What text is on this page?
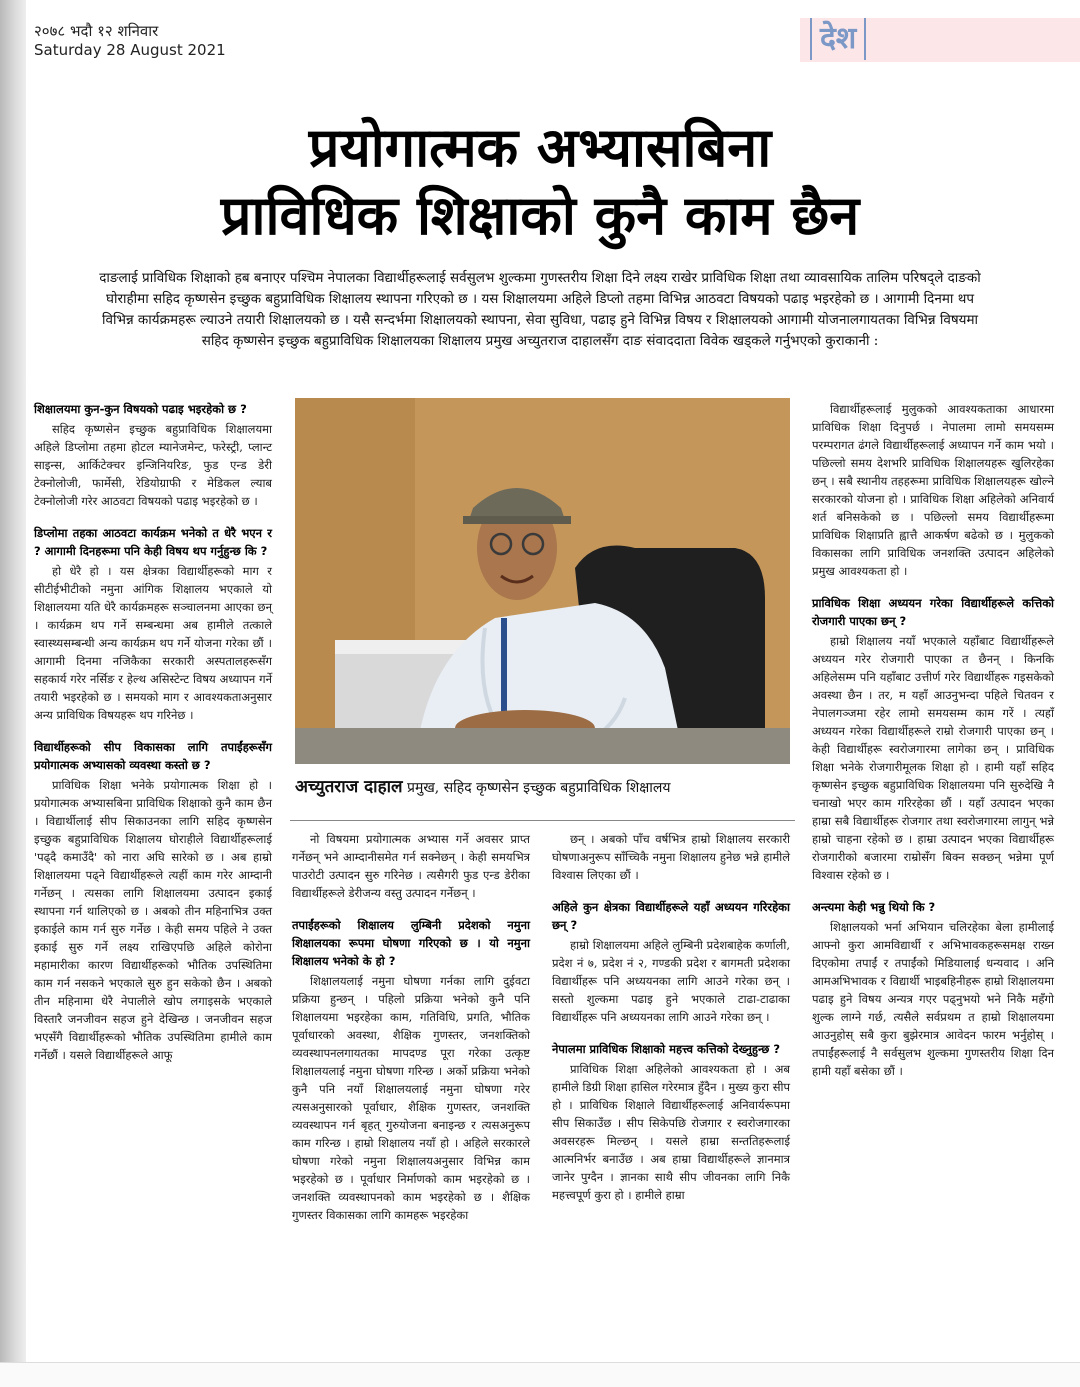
२०७८ भदौ १२ शनिवार
Saturday 28 August 2021	देश
प्रयोगात्मक अभ्यासबिना
प्राविधिक शिक्षाको कुनै काम छैन
दाङलाई प्राविधिक शिक्षाको हब बनाएर पश्चिम नेपालका विद्यार्थीहरूलाई सर्वसुलभ शुल्कमा गुणस्तरीय शिक्षा दिने लक्ष्य राखेर प्राविधिक शिक्षा तथा व्यावसायिक तालिम परिषद्ले दाङको घोराहीमा सहिद कृष्णसेन इच्छुक बहुप्राविधिक शिक्षालय स्थापना गरिएको छ । यस शिक्षालयमा अहिले डिप्लो तहमा विभिन्न आठवटा विषयको पढाइ भइरहेको छ । आगामी दिनमा थप विभिन्न कार्यक्रमहरू ल्याउने तयारी शिक्षालयको छ । यसै सन्दर्भमा शिक्षालयको स्थापना, सेवा सुविधा, पढाइ हुने विभिन्न विषय र शिक्षालयको आगामी योजनालगायतका विभिन्न विषयमा सहिद कृष्णसेन इच्छुक बहुप्राविधिक शिक्षालयका शिक्षालय प्रमुख अच्युतराज दाहालसँग दाङ संवाददाता विवेक खड्कले गर्नुभएको कुराकानी :

शिक्षालयमा कुन-कुन विषयको पढाइ भइरहेको छ ?

सहिद कृष्णसेन इच्छुक बहुप्राविधिक शिक्षालयमा अहिले डिप्लोमा तहमा होटल म्यानेजमेन्ट, फरेस्ट्री, प्लान्ट साइन्स, आर्किटेक्चर इन्जिनियरिङ, फुड एन्ड डेरी टेक्नोलोजी, फार्मेसी, रेडियोग्राफी र मेडिकल ल्याब टेक्नोलोजी गरेर आठवटा विषयको पढाइ भइरहेको छ ।

डिप्लोमा तहका आठवटा कार्यक्रम भनेको त धेरै भएन र ? आगामी दिनहरूमा पनि केही विषय थप गर्नुहुन्छ कि ?

हो धेरै हो । यस क्षेत्रका विद्यार्थीहरूको माग र सीटीईभीटीको नमुना आंगिक शिक्षालय भएकाले यो शिक्षालयमा यति धेरै कार्यक्रमहरू सञ्चालनमा आएका छन् । कार्यक्रम थप गर्ने सम्बन्धमा अब हामीले तत्काले स्वास्थ्यसम्बन्धी अन्य कार्यक्रम थप गर्ने योजना गरेका छौं । आगामी दिनमा नजिकैका सरकारी अस्पतालहरूसँग सहकार्य गरेर नर्सिङ र हेल्थ असिस्टेन्ट विषय अध्यापन गर्ने तयारी भइरहेको छ । समयको माग र आवश्यकताअनुसार अन्य प्राविधिक विषयहरू थप गरिनेछ ।

विद्यार्थीहरूको सीप विकासका लागि तपाईंहरूसँग प्रयोगात्मक अभ्यासको व्यवस्था कस्तो छ ?

प्राविधिक शिक्षा भनेके प्रयोगात्मक शिक्षा हो । प्रयोगात्मक अभ्यासबिना प्राविधिक शिक्षाको कुनै काम छैन । विद्यार्थीलाई सीप सिकाउनका लागि सहिद कृष्णसेन इच्छुक बहुप्राविधिक शिक्षालय घोराहीले विद्यार्थीहरूलाई 'पढ्दै कमाउँदै' को नारा अघि सारेको छ । अब हाम्रो शिक्षालयमा पढ्ने विद्यार्थीहरूले त्यहीं काम गरेर आम्दानी गर्नेछन् । त्यसका लागि शिक्षालयमा उत्पादन इकाई स्थापना गर्न थालिएको छ । अबको तीन महिनाभित्र उक्त इकाईले काम गर्न सुरु गर्नेछ । केही समय पहिले ने उक्त इकाई सुरु गर्ने लक्ष्य राखिएपछि अहिले कोरोना महामारीका कारण विद्यार्थीहरूको भौतिक उपस्थितिमा काम गर्न नसकने भएकाले सुरु हुन सकेको छैन । अबको तीन महिनामा धेरै नेपालीले खोप लगाइसके भएकाले विस्तारै जनजीवन सहज हुने देखिन्छ । जनजीवन सहज भएसँगै विद्यार्थीहरूको भौतिक उपस्थितिमा हामीले काम गर्नेछौं । यसले विद्यार्थीहरूले आफू

अच्युतराज दाहाल प्रमुख, सहिद कृष्णसेन इच्छुक बहुप्राविधिक शिक्षालय

नो विषयमा प्रयोगात्मक अभ्यास गर्ने अवसर प्राप्त गर्नेछन् भने आम्दानीसमेत गर्न सक्नेछन् । केही समयभित्र पाउरोटी उत्पादन सुरु गरिनेछ । त्यसैगरी फुड एन्ड डेरीका विद्यार्थीहरूले डेरीजन्य वस्तु उत्पादन गर्नेछन् ।

तपाईंहरूको शिक्षालय लुम्बिनी प्रदेशको नमुना शिक्षालयका रूपमा घोषणा गरिएको छ । यो नमुना शिक्षालय भनेको के हो ?

शिक्षालयलाई नमुना घोषणा गर्नका लागि दुईवटा प्रक्रिया हुन्छन् । पहिलो प्रक्रिया भनेको कुनै पनि शिक्षालयमा भइरहेका काम, गतिविधि, प्रगति, भौतिक पूर्वाधारको अवस्था, शैक्षिक गुणस्तर, जनशक्तिको व्यवस्थापनलगायतका मापदण्ड पूरा गरेका उत्कृष्ट शिक्षालयलाई नमुना घोषणा गरिन्छ । अर्को प्रक्रिया भनेको कुनै पनि नयाँ शिक्षालयलाई नमुना घोषणा गरेर त्यसअनुसारको पूर्वाधार, शैक्षिक गुणस्तर, जनशक्ति व्यवस्थापन गर्न बृहत् गुरुयोजना बनाइन्छ र त्यसअनुरूप काम गरिन्छ । हाम्रो शिक्षालय नयाँ हो । अहिले सरकारले घोषणा गरेको नमुना शिक्षालयअनुसार विभिन्न काम भइरहेको छ । पूर्वाधार निर्माणको काम भइरहेको छ । जनशक्ति व्यवस्थापनको काम भइरहेको छ । शैक्षिक गुणस्तर विकासका लागि कामहरू भइरहेका

छन् । अबको पाँच वर्षभित्र हाम्रो शिक्षालय सरकारी घोषणाअनुरूप साँच्चिकै नमुना शिक्षालय हुनेछ भन्ने हामीले विश्वास लिएका छौं ।

अहिले कुन क्षेत्रका विद्यार्थीहरूले यहाँ अध्ययन गरिरहेका छन् ?

हाम्रो शिक्षालयमा अहिले लुम्बिनी प्रदेशबाहेक कर्णाली, प्रदेश नं ७, प्रदेश नं २, गण्डकी प्रदेश र बागमती प्रदेशका विद्यार्थीहरू पनि अध्ययनका लागि आउने गरेका छन् । सस्तो शुल्कमा पढाइ हुने भएकाले टाढा-टाढाका विद्यार्थीहरू पनि अध्ययनका लागि आउने गरेका छन् ।

नेपालमा प्राविधिक शिक्षाको महत्त्व कत्तिको देख्नुहुन्छ ?

प्राविधिक शिक्षा अहिलेको आवश्यकता हो । अब हामीले डिग्री शिक्षा हासिल गरेरमात्र हुँदैन । मुख्य कुरा सीप हो । प्राविधिक शिक्षाले विद्यार्थीहरूलाई अनिवार्यरूपमा सीप सिकाउँछ । सीप सिकेपछि रोजगार र स्वरोजगारका अवसरहरू मिल्छन् । यसले हाम्रा सन्ततिहरूलाई आत्मनिर्भर बनाउँछ । अब हाम्रा विद्यार्थीहरूले ज्ञानमात्र जानेर पुग्दैन । ज्ञानका साथै सीप जीवनका लागि निकै महत्त्वपूर्ण कुरा हो । हामीले हाम्रा

विद्यार्थीहरूलाई मुलुकको आवश्यकताका आधारमा प्राविधिक शिक्षा दिनुपर्छ । नेपालमा लामो समयसम्म परम्परागत ढंगले विद्यार्थीहरूलाई अध्यापन गर्ने काम भयो । पछिल्लो समय देशभरि प्राविधिक शिक्षालयहरू खुलिरहेका छन् । सबै स्थानीय तहहरूमा प्राविधिक शिक्षालयहरू खोल्ने सरकारको योजना हो । प्राविधिक शिक्षा अहिलेको अनिवार्य शर्त बनिसकेको छ । पछिल्लो समय विद्यार्थीहरूमा प्राविधिक शिक्षाप्रति ह्वात्तै आकर्षण बढेको छ । मुलुकको विकासका लागि प्राविधिक जनशक्ति उत्पादन अहिलेको प्रमुख आवश्यकता हो ।

प्राविधिक शिक्षा अध्ययन गरेका विद्यार्थीहरूले कत्तिको रोजगारी पाएका छन् ?

हाम्रो शिक्षालय नयाँ भएकाले यहाँबाट विद्यार्थीहरूले अध्ययन गरेर रोजगारी पाएका त छैनन् । किनकि अहिलेसम्म पनि यहाँबाट उत्तीर्ण गरेर विद्यार्थीहरू गइसकेको अवस्था छैन । तर, म यहाँ आउनुभन्दा पहिले चितवन र नेपालगञ्जमा रहेर लामो समयसम्म काम गरें । त्यहाँ अध्ययन गरेका विद्यार्थीहरूले राम्रो रोजगारी पाएका छन् । केही विद्यार्थीहरू स्वरोजगारमा लागेका छन् । प्राविधिक शिक्षा भनेके रोजगारीमूलक शिक्षा हो । हामी यहाँ सहिद कृष्णसेन इच्छुक बहुप्राविधिक शिक्षालयमा पनि सुरुदेखि नै चनाखो भएर काम गरिरहेका छौं । यहाँ उत्पादन भएका हाम्रा सबै विद्यार्थीहरू रोजगार तथा स्वरोजगारमा लागुन् भन्ने हाम्रो चाहना रहेको छ । हाम्रा उत्पादन भएका विद्यार्थीहरू रोजगारीको बजारमा राम्रोसँग बिक्न सक्छन् भन्नेमा पूर्ण विश्वास रहेको छ ।

अन्त्यमा केही भन्नु थियो कि ?

शिक्षालयको भर्ना अभियान चलिरहेका बेला हामीलाई आफ्नो कुरा आमविद्यार्थी र अभिभावकहरूसमक्ष राख्न दिएकोमा तपाईं र तपाईंको मिडियालाई धन्यवाद । अनि आमअभिभावक र विद्यार्थी भाइबहिनीहरू हाम्रो शिक्षालयमा पढाइ हुने विषय अन्यत्र गएर पढ्नुभयो भने निकै महँगो शुल्क लाग्ने गर्छ, त्यसैले सर्वप्रथम त हाम्रो शिक्षालयमा आउनुहोस् सबै कुरा बुझेरमात्र आवेदन फारम भर्नुहोस् । तपाईंहरूलाई नै सर्वसुलभ शुल्कमा गुणस्तरीय शिक्षा दिन हामी यहाँ बसेका छौं ।
